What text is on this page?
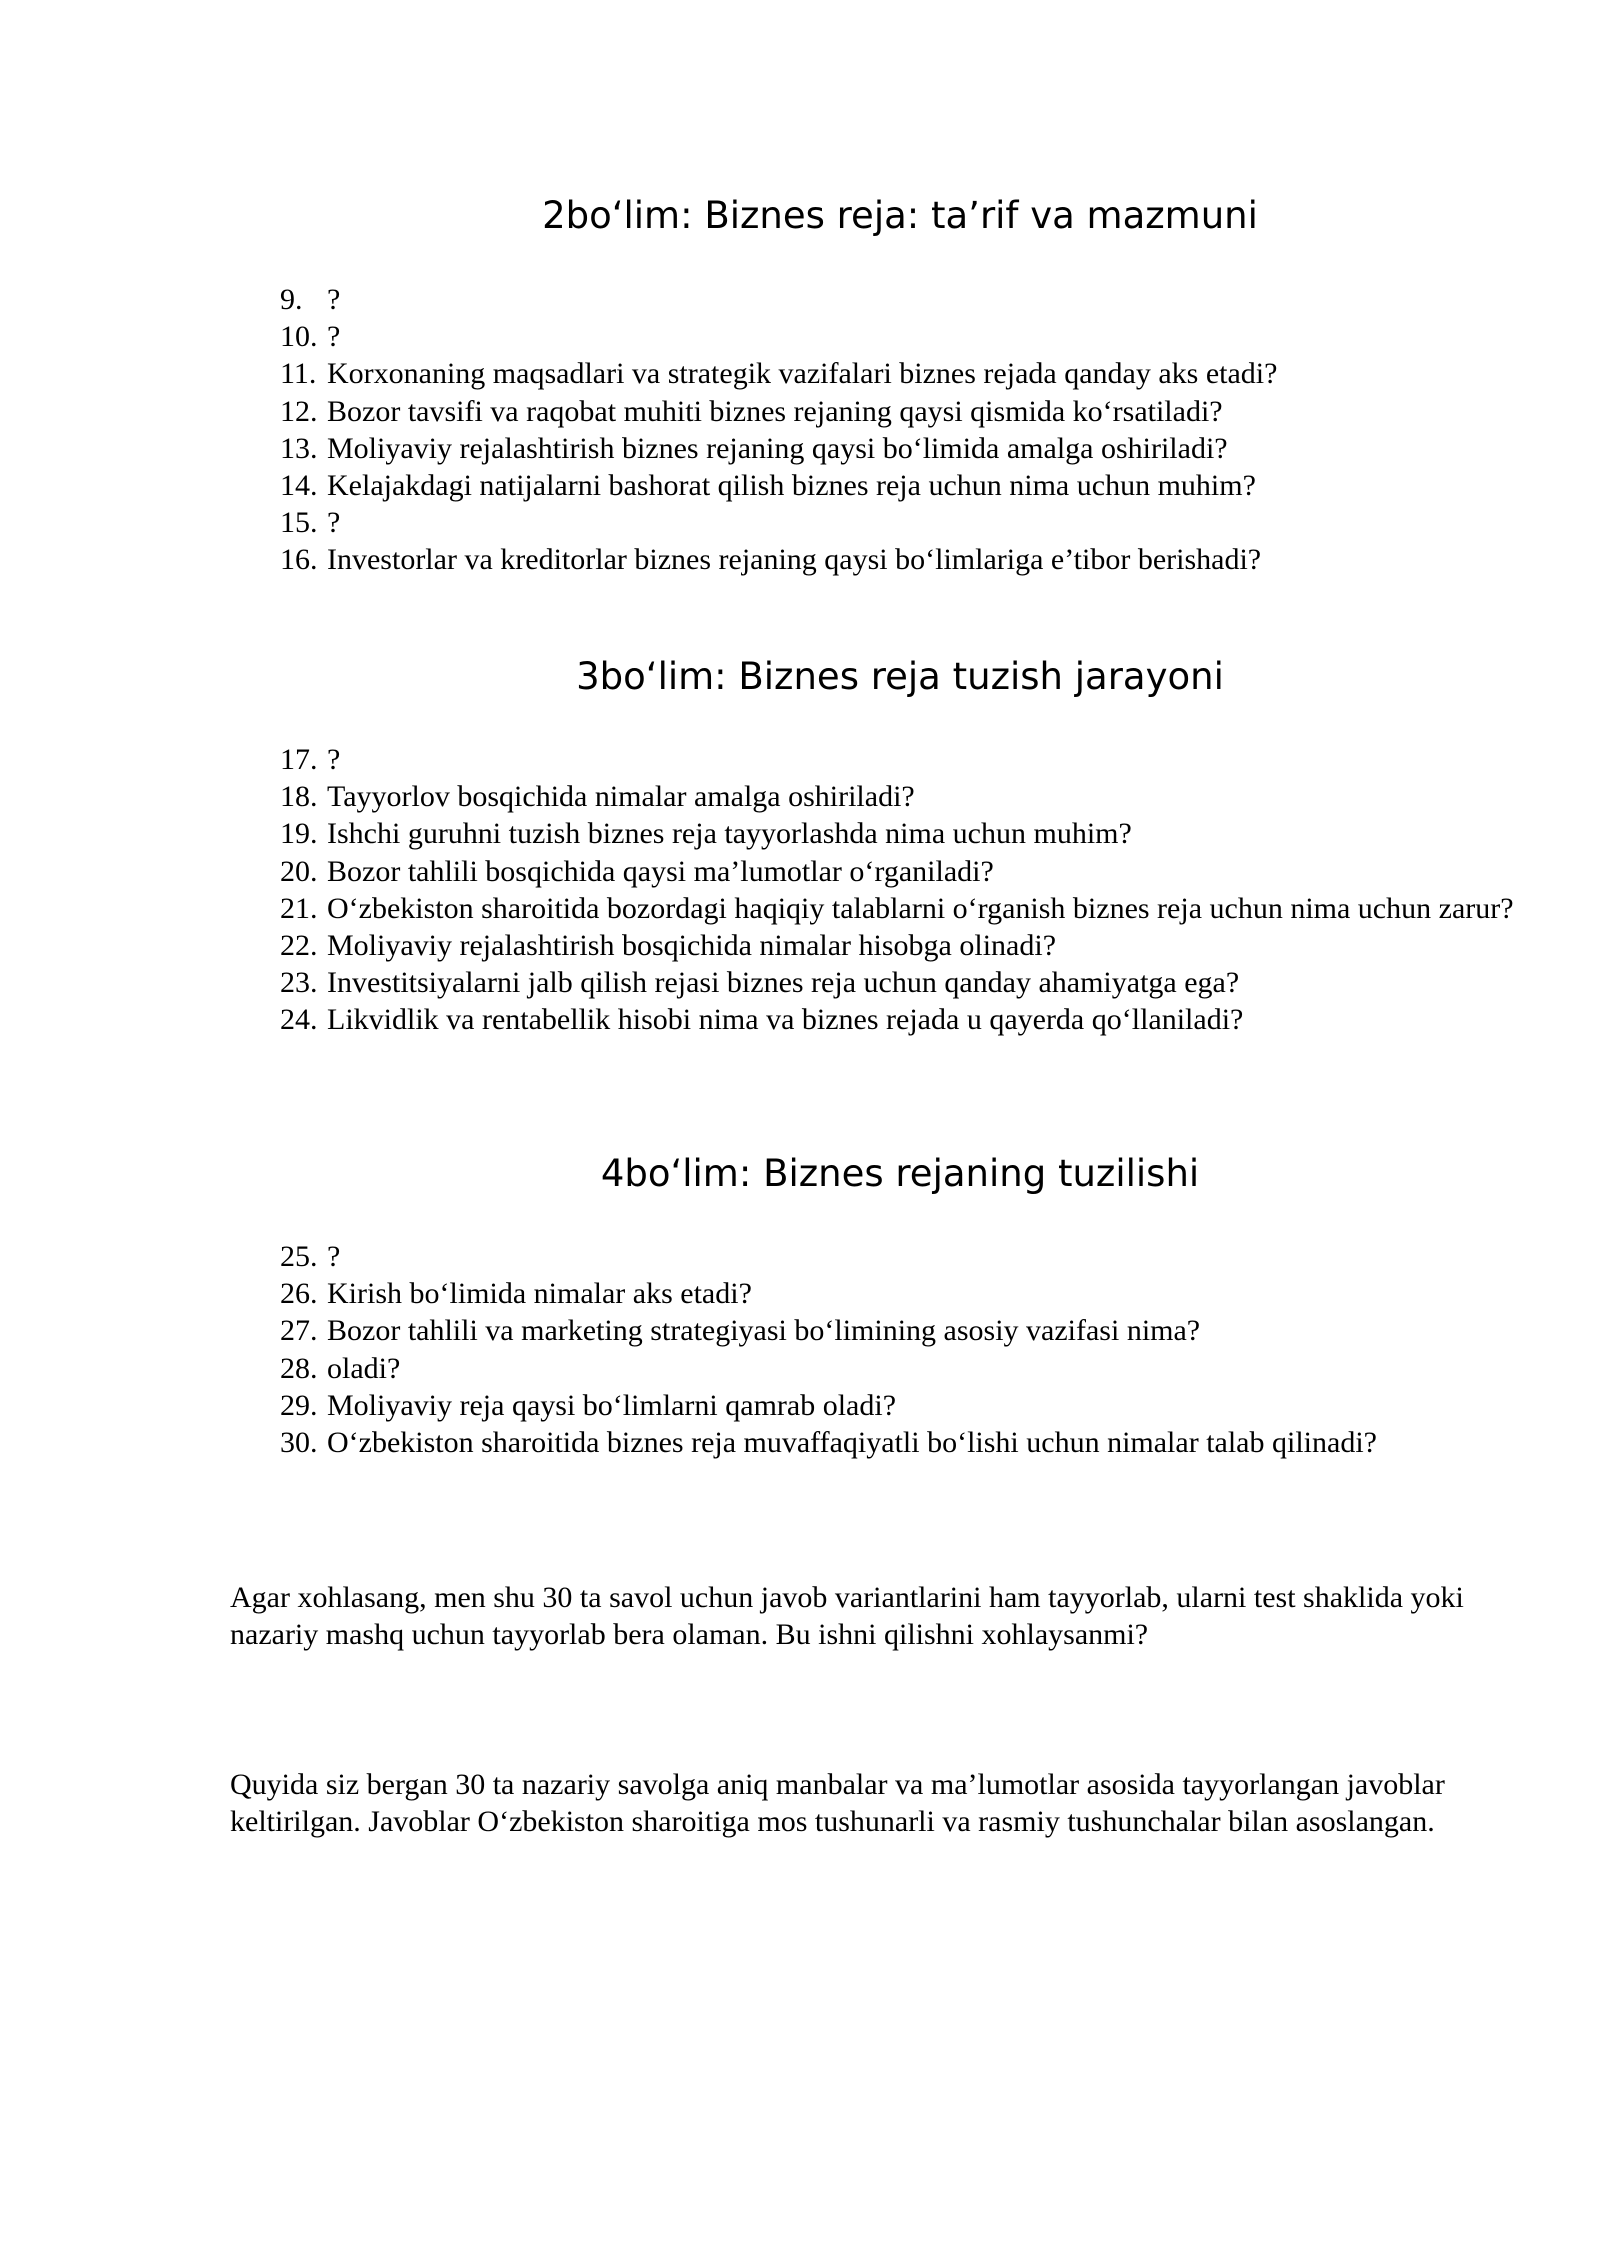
2bo‘lim: Biznes reja: ta’rif va mazmuni
9. ?
10. ?
11. Korxonaning maqsadlari va strategik vazifalari biznes rejada qanday aks etadi?
12. Bozor tavsifi va raqobat muhiti biznes rejaning qaysi qismida ko‘rsatiladi?
13. Moliyaviy rejalashtirish biznes rejaning qaysi bo‘limida amalga oshiriladi?
14. Kelajakdagi natijalarni bashorat qilish biznes reja uchun nima uchun muhim?
15. ?
16. Investorlar va kreditorlar biznes rejaning qaysi bo‘limlariga e’tibor berishadi?
3bo‘lim: Biznes reja tuzish jarayoni
17. ?
18. Tayyorlov bosqichida nimalar amalga oshiriladi?
19. Ishchi guruhni tuzish biznes reja tayyorlashda nima uchun muhim?
20. Bozor tahlili bosqichida qaysi ma’lumotlar o‘rganiladi?
21. O‘zbekiston sharoitida bozordagi haqiqiy talablarni o‘rganish biznes reja uchun nima uchun zarur?
22. Moliyaviy rejalashtirish bosqichida nimalar hisobga olinadi?
23. Investitsiyalarni jalb qilish rejasi biznes reja uchun qanday ahamiyatga ega?
24. Likvidlik va rentabellik hisobi nima va biznes rejada u qayerda qo‘llaniladi?
4bo‘lim: Biznes rejaning tuzilishi
25. ?
26. Kirish bo‘limida nimalar aks etadi?
27. Bozor tahlili va marketing strategiyasi bo‘limining asosiy vazifasi nima?
28. oladi?
29. Moliyaviy reja qaysi bo‘limlarni qamrab oladi?
30. O‘zbekiston sharoitida biznes reja muvaffaqiyatli bo‘lishi uchun nimalar talab qilinadi?

Agar xohlasang, men shu 30 ta savol uchun javob variantlarini ham tayyorlab, ularni test shaklida yoki nazariy mashq uchun tayyorlab bera olaman. Bu ishni qilishni xohlaysanmi?

Quyida siz bergan 30 ta nazariy savolga aniq manbalar va ma’lumotlar asosida tayyorlangan javoblar keltirilgan. Javoblar O‘zbekiston sharoitiga mos tushunarli va rasmiy tushunchalar bilan asoslangan.
